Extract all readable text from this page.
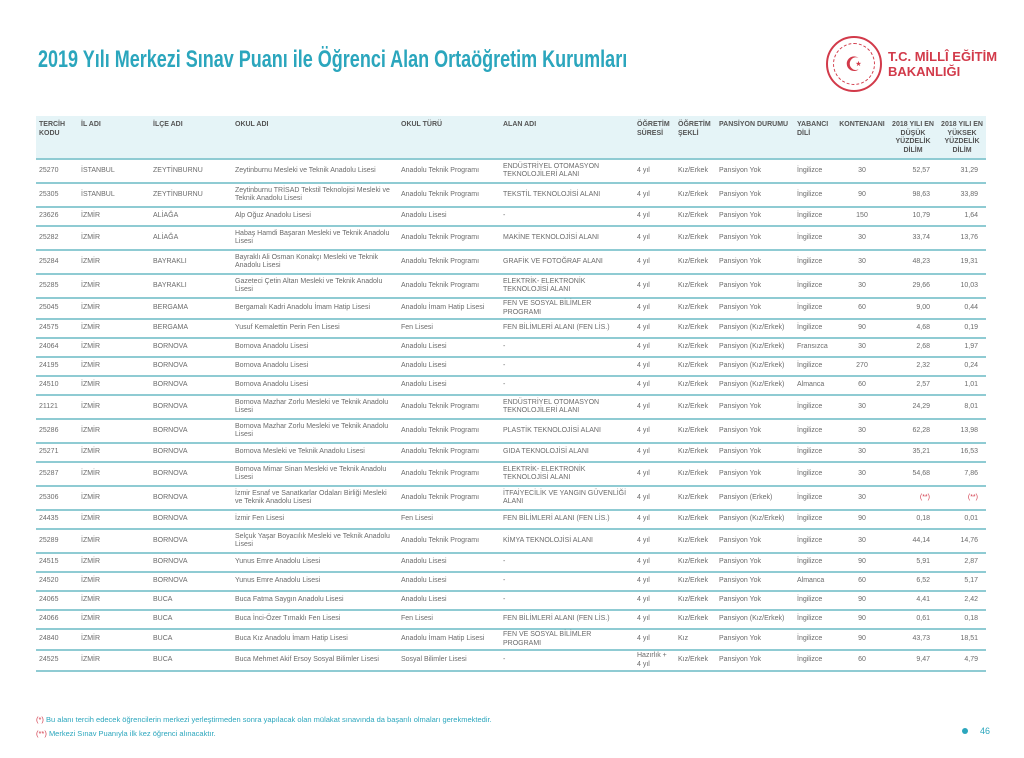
2019 Yılı Merkezi Sınav Puanı ile Öğrenci Alan Ortaöğretim Kurumları	☪	T.C. MİLLÎ EĞİTİM
BAKANLIĞI
TERCİH KODU	İL ADI	İLÇE ADI	OKUL ADI	OKUL TÜRÜ	ALAN ADI	ÖĞRETİM SÜRESİ	ÖĞRETİM ŞEKLİ	PANSİYON DURUMU	YABANCI DİLİ	KONTENJANI	2018 YILI EN DÜŞÜK YÜZDELİK DİLİM	2018 YILI EN YÜKSEK YÜZDELİK DİLİM
25270	İSTANBUL	ZEYTİNBURNU	Zeytinburnu Mesleki ve Teknik Anadolu Lisesi	Anadolu Teknik Programı	ENDÜSTRİYEL OTOMASYON TEKNOLOJİLERİ ALANI	4 yıl	Kız/Erkek	Pansiyon Yok	İngilizce	30	52,57	31,29
25305	İSTANBUL	ZEYTİNBURNU	Zeytinburnu TRİSAD Tekstil Teknolojisi Mesleki ve Teknik Anadolu Lisesi	Anadolu Teknik Programı	TEKSTİL TEKNOLOJİSİ ALANI	4 yıl	Kız/Erkek	Pansiyon Yok	İngilizce	90	98,63	33,89
23626	İZMİR	ALİAĞA	Alp Oğuz Anadolu Lisesi	Anadolu Lisesi	-	4 yıl	Kız/Erkek	Pansiyon Yok	İngilizce	150	10,79	1,64
25282	İZMİR	ALİAĞA	Habaş Hamdi Başaran Mesleki ve Teknik Anadolu Lisesi	Anadolu Teknik Programı	MAKİNE TEKNOLOJİSİ ALANI	4 yıl	Kız/Erkek	Pansiyon Yok	İngilizce	30	33,74	13,76
25284	İZMİR	BAYRAKLI	Bayraklı Ali Osman Konakçı Mesleki ve Teknik Anadolu Lisesi	Anadolu Teknik Programı	GRAFİK VE FOTOĞRAF ALANI	4 yıl	Kız/Erkek	Pansiyon Yok	İngilizce	30	48,23	19,31
25285	İZMİR	BAYRAKLI	Gazeteci Çetin Altan Mesleki ve Teknik Anadolu Lisesi	Anadolu Teknik Programı	ELEKTRİK- ELEKTRONİK TEKNOLOJİSİ ALANI	4 yıl	Kız/Erkek	Pansiyon Yok	İngilizce	30	29,66	10,03
25045	İZMİR	BERGAMA	Bergamalı Kadri Anadolu İmam Hatip Lisesi	Anadolu İmam Hatip Lisesi	FEN VE SOSYAL BİLİMLER PROGRAMI	4 yıl	Kız/Erkek	Pansiyon Yok	İngilizce	60	9,00	0,44
24575	İZMİR	BERGAMA	Yusuf Kemalettin Perin Fen Lisesi	Fen Lisesi	FEN BİLİMLERİ ALANI (FEN LİS.)	4 yıl	Kız/Erkek	Pansiyon (Kız/Erkek)	İngilizce	90	4,68	0,19
24064	İZMİR	BORNOVA	Bornova Anadolu Lisesi	Anadolu Lisesi	-	4 yıl	Kız/Erkek	Pansiyon (Kız/Erkek)	Fransızca	30	2,68	1,97
24195	İZMİR	BORNOVA	Bornova Anadolu Lisesi	Anadolu Lisesi	-	4 yıl	Kız/Erkek	Pansiyon (Kız/Erkek)	İngilizce	270	2,32	0,24
24510	İZMİR	BORNOVA	Bornova Anadolu Lisesi	Anadolu Lisesi	-	4 yıl	Kız/Erkek	Pansiyon (Kız/Erkek)	Almanca	60	2,57	1,01
21121	İZMİR	BORNOVA	Bornova Mazhar Zorlu Mesleki ve Teknik Anadolu Lisesi	Anadolu Teknik Programı	ENDÜSTRİYEL OTOMASYON TEKNOLOJİLERİ ALANI	4 yıl	Kız/Erkek	Pansiyon Yok	İngilizce	30	24,29	8,01
25286	İZMİR	BORNOVA	Bornova Mazhar Zorlu Mesleki ve Teknik Anadolu Lisesi	Anadolu Teknik Programı	PLASTİK TEKNOLOJİSİ ALANI	4 yıl	Kız/Erkek	Pansiyon Yok	İngilizce	30	62,28	13,98
25271	İZMİR	BORNOVA	Bornova Mesleki ve Teknik Anadolu Lisesi	Anadolu Teknik Programı	GIDA TEKNOLOJİSİ ALANI	4 yıl	Kız/Erkek	Pansiyon Yok	İngilizce	30	35,21	16,53
25287	İZMİR	BORNOVA	Bornova Mimar Sinan Mesleki ve Teknik Anadolu Lisesi	Anadolu Teknik Programı	ELEKTRİK- ELEKTRONİK TEKNOLOJİSİ ALANI	4 yıl	Kız/Erkek	Pansiyon Yok	İngilizce	30	54,68	7,86
25306	İZMİR	BORNOVA	İzmir Esnaf ve Sanatkarlar Odaları Birliği Mesleki ve Teknik Anadolu Lisesi	Anadolu Teknik Programı	İTFAİYECİLİK VE YANGIN GÜVENLİĞİ ALANI	4 yıl	Kız/Erkek	Pansiyon (Erkek)	İngilizce	30	(**)	(**)
24435	İZMİR	BORNOVA	İzmir Fen Lisesi	Fen Lisesi	FEN BİLİMLERİ ALANI (FEN LİS.)	4 yıl	Kız/Erkek	Pansiyon (Kız/Erkek)	İngilizce	90	0,18	0,01
25289	İZMİR	BORNOVA	Selçuk Yaşar Boyacılık Mesleki ve Teknik Anadolu Lisesi	Anadolu Teknik Programı	KİMYA TEKNOLOJİSİ ALANI	4 yıl	Kız/Erkek	Pansiyon Yok	İngilizce	30	44,14	14,76
24515	İZMİR	BORNOVA	Yunus Emre Anadolu Lisesi	Anadolu Lisesi	-	4 yıl	Kız/Erkek	Pansiyon Yok	İngilizce	90	5,91	2,87
24520	İZMİR	BORNOVA	Yunus Emre Anadolu Lisesi	Anadolu Lisesi	-	4 yıl	Kız/Erkek	Pansiyon Yok	Almanca	60	6,52	5,17
24065	İZMİR	BUCA	Buca Fatma Saygın Anadolu Lisesi	Anadolu Lisesi	-	4 yıl	Kız/Erkek	Pansiyon Yok	İngilizce	90	4,41	2,42
24066	İZMİR	BUCA	Buca İnci-Özer Tırnaklı Fen Lisesi	Fen Lisesi	FEN BİLİMLERİ ALANI (FEN LİS.)	4 yıl	Kız/Erkek	Pansiyon (Kız/Erkek)	İngilizce	90	0,61	0,18
24840	İZMİR	BUCA	Buca Kız Anadolu İmam Hatip Lisesi	Anadolu İmam Hatip Lisesi	FEN VE SOSYAL BİLİMLER PROGRAMI	4 yıl	Kız	Pansiyon Yok	İngilizce	90	43,73	18,51
24525	İZMİR	BUCA	Buca Mehmet Akif Ersoy Sosyal Bilimler Lisesi	Sosyal Bilimler Lisesi	-	Hazırlık + 4 yıl	Kız/Erkek	Pansiyon Yok	İngilizce	60	9,47	4,79
(*) Bu alanı tercih edecek öğrencilerin merkezi yerleştirmeden sonra yapılacak olan mülakat sınavında da başarılı olmaları gerekmektedir.
(**) Merkezi Sınav Puanıyla ilk kez öğrenci alınacaktır.	46
